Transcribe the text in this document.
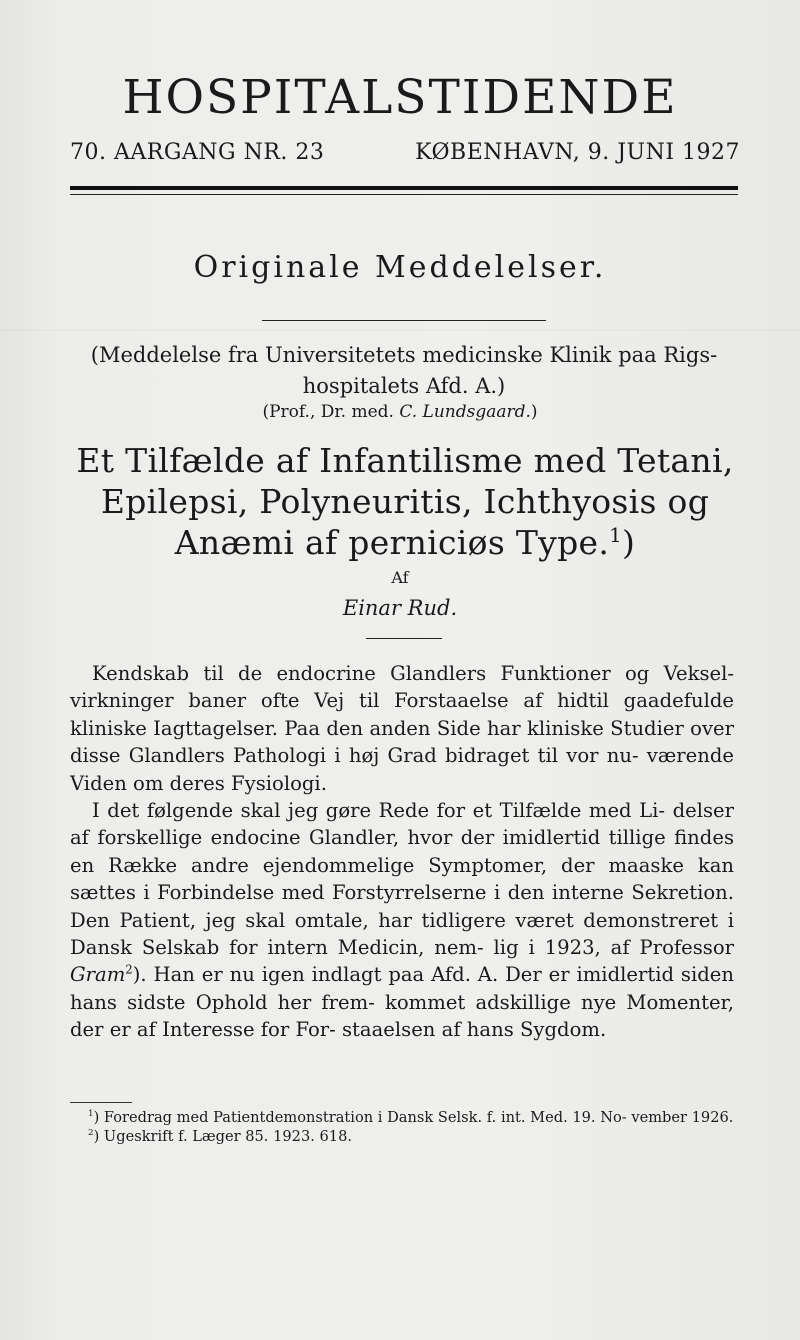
HOSPITALSTIDENDE
70. AARGANG NR. 23	KØBENHAVN, 9. JUNI 1927
Originale Meddelelser.
(Meddelelse fra Universitetets medicinske Klinik paa Rigs- hospitalets Afd. A.)
(Prof., Dr. med. C. Lundsgaard.)
Et Tilfælde af Infantilisme med Tetani, Epilepsi, Polyneuritis, Ichthyosis og Anæmi af perniciøs Type.$^1$)
Af
Einar Rud.

Kendskab til de endocrine Glandlers Funktioner og Veksel- virkninger baner ofte Vej til Forstaaelse af hidtil gaadefulde kliniske Iagttagelser. Paa den anden Side har kliniske Studier over disse Glandlers Pathologi i høj Grad bidraget til vor nu- værende Viden om deres Fysiologi.

I det følgende skal jeg gøre Rede for et Tilfælde med Li- delser af forskellige endocine Glandler, hvor der imidlertid tillige findes en Række andre ejendommelige Symptomer, der maaske kan sættes i Forbindelse med Forstyrrelserne i den interne Sekretion. Den Patient, jeg skal omtale, har tidligere været demonstreret i Dansk Selskab for intern Medicin, nem- lig i 1923, af Professor Gram$^2$). Han er nu igen indlagt paa Afd. A. Der er imidlertid siden hans sidste Ophold her frem- kommet adskillige nye Momenter, der er af Interesse for For- staaelsen af hans Sygdom.

$^1$) Foredrag med Patientdemonstration i Dansk Selsk. f. int. Med. 19. No- vember 1926.

$^2$) Ugeskrift f. Læger 85. 1923. 618.
